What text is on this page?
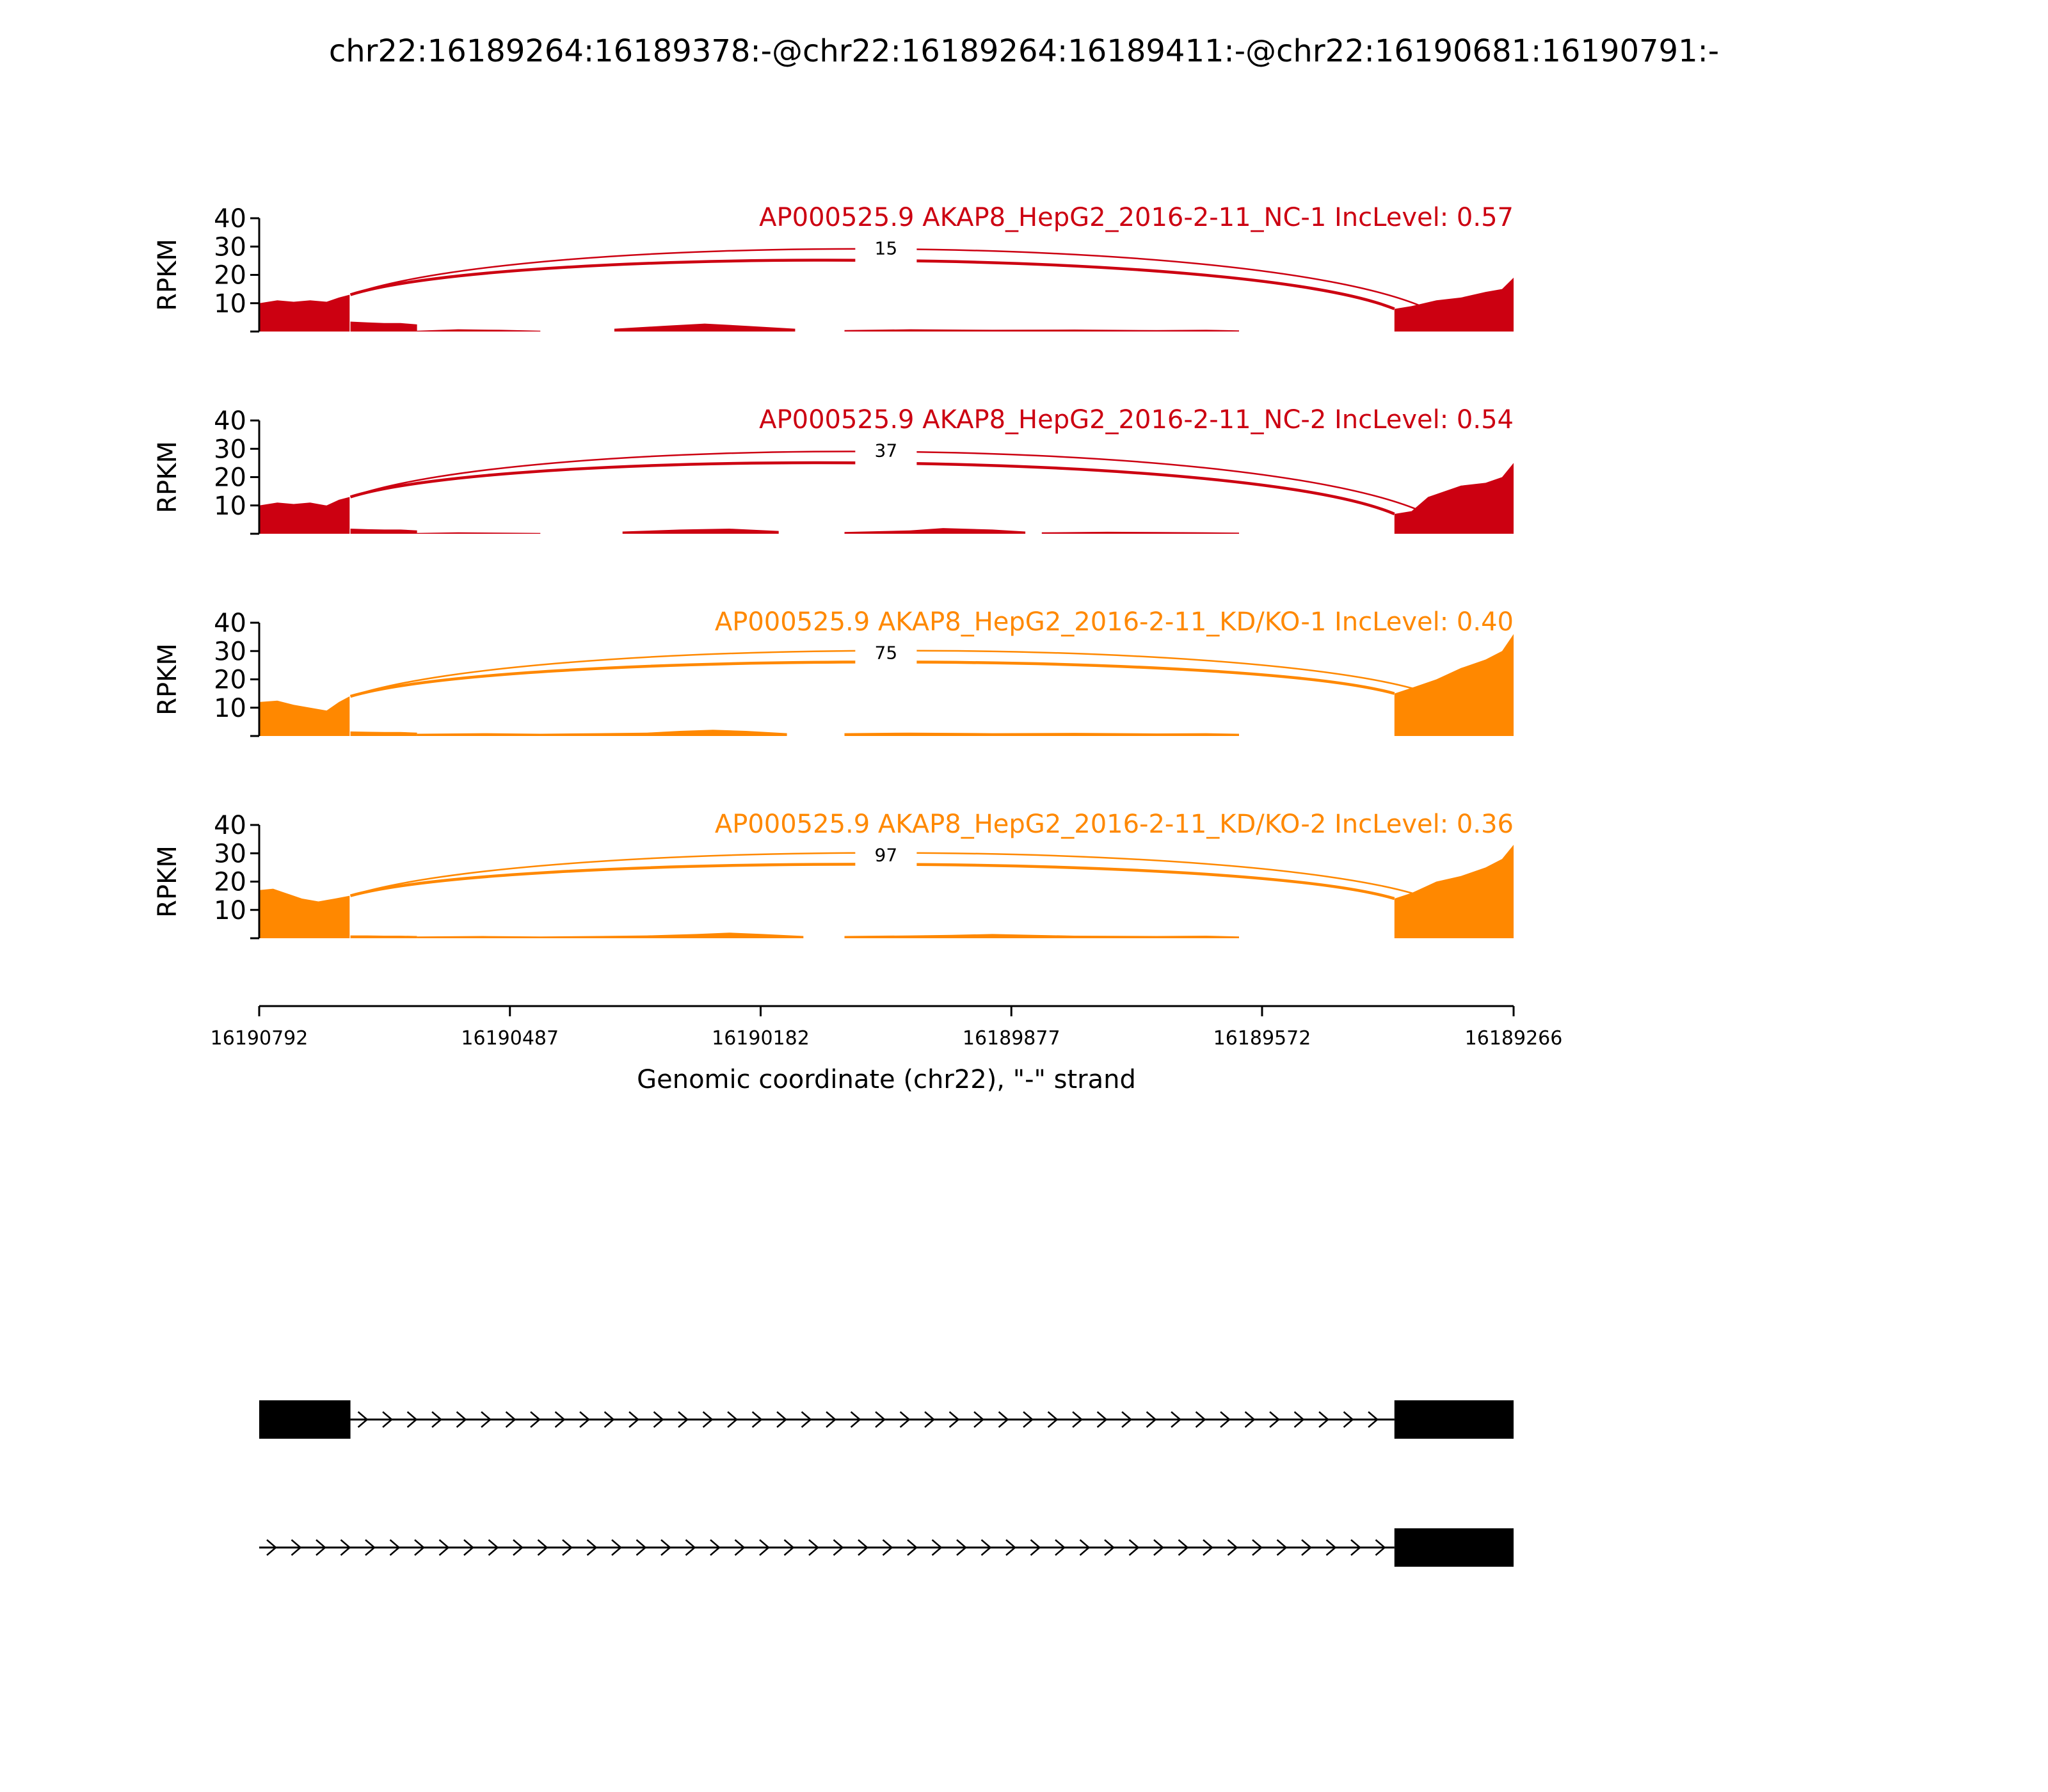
chr22:16189264:16189378:-@chr22:16189264:16189411:-@chr22:16190681:16190791:-
15
10
20
30
40
RPKM
AP000525.9 AKAP8_HepG2_2016-2-11_NC-1 IncLevel: 0.57
37
10
20
30
40
RPKM
AP000525.9 AKAP8_HepG2_2016-2-11_NC-2 IncLevel: 0.54
75
10
20
30
40
RPKM
AP000525.9 AKAP8_HepG2_2016-2-11_KD/KO-1 IncLevel: 0.40
97
10
20
30
40
RPKM
AP000525.9 AKAP8_HepG2_2016-2-11_KD/KO-2 IncLevel: 0.36
16190792	16190487	16190182	16189877	16189572	16189266
Genomic coordinate (chr22), "-" strand
